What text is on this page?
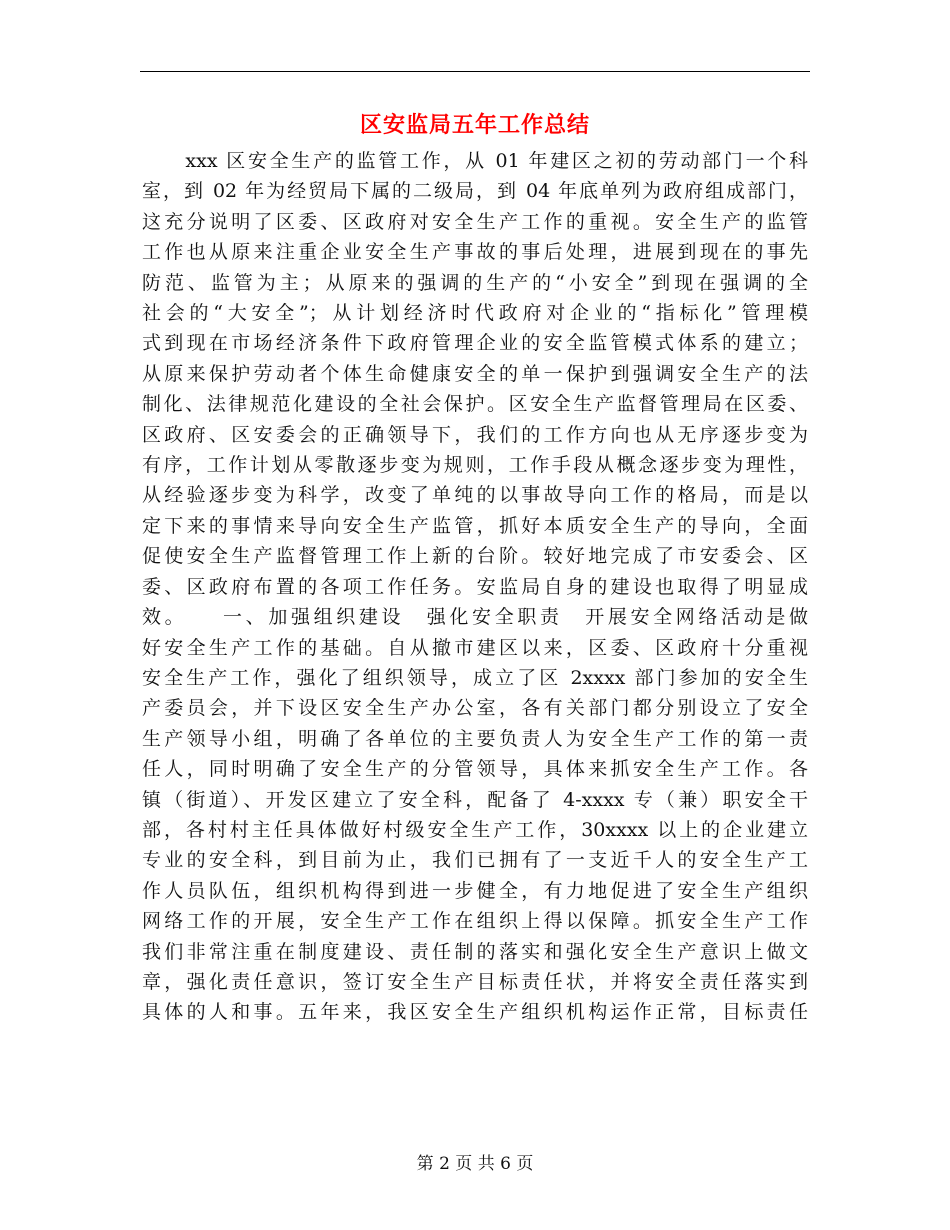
区安监局五年工作总结
　　xxx 区安全生产的监管工作，从 01 年建区之初的劳动部门一个科
室，到 02 年为经贸局下属的二级局，到 04 年底单列为政府组成部门，
这充分说明了区委、区政府对安全生产工作的重视。安全生产的监管
工作也从原来注重企业安全生产事故的事后处理，进展到现在的事先
防范、监管为主；从原来的强调的生产的“小安全”到现在强调的全
社会的“大安全”；从计划经济时代政府对企业的“指标化”管理模
式到现在市场经济条件下政府管理企业的安全监管模式体系的建立；
从原来保护劳动者个体生命健康安全的单一保护到强调安全生产的法
制化、法律规范化建设的全社会保护。区安全生产监督管理局在区委、
区政府、区安委会的正确领导下，我们的工作方向也从无序逐步变为
有序，工作计划从零散逐步变为规则，工作手段从概念逐步变为理性，
从经验逐步变为科学，改变了单纯的以事故导向工作的格局，而是以
定下来的事情来导向安全生产监管，抓好本质安全生产的导向，全面
促使安全生产监督管理工作上新的台阶。较好地完成了市安委会、区
委、区政府布置的各项工作任务。安监局自身的建设也取得了明显成
效。　　一、加强组织建设　强化安全职责　开展安全网络活动是做
好安全生产工作的基础。自从撤市建区以来，区委、区政府十分重视
安全生产工作，强化了组织领导，成立了区 2xxxx 部门参加的安全生
产委员会，并下设区安全生产办公室，各有关部门都分别设立了安全
生产领导小组，明确了各单位的主要负责人为安全生产工作的第一责
任人，同时明确了安全生产的分管领导，具体来抓安全生产工作。各
镇（街道）、开发区建立了安全科，配备了 4-xxxx 专（兼）职安全干
部，各村村主任具体做好村级安全生产工作，30xxxx 以上的企业建立
专业的安全科，到目前为止，我们已拥有了一支近千人的安全生产工
作人员队伍，组织机构得到进一步健全，有力地促进了安全生产组织
网络工作的开展，安全生产工作在组织上得以保障。抓安全生产工作
我们非常注重在制度建设、责任制的落实和强化安全生产意识上做文
章，强化责任意识，签订安全生产目标责任状，并将安全责任落实到
具体的人和事。五年来，我区安全生产组织机构运作正常，目标责任
第 2 页 共 6 页
